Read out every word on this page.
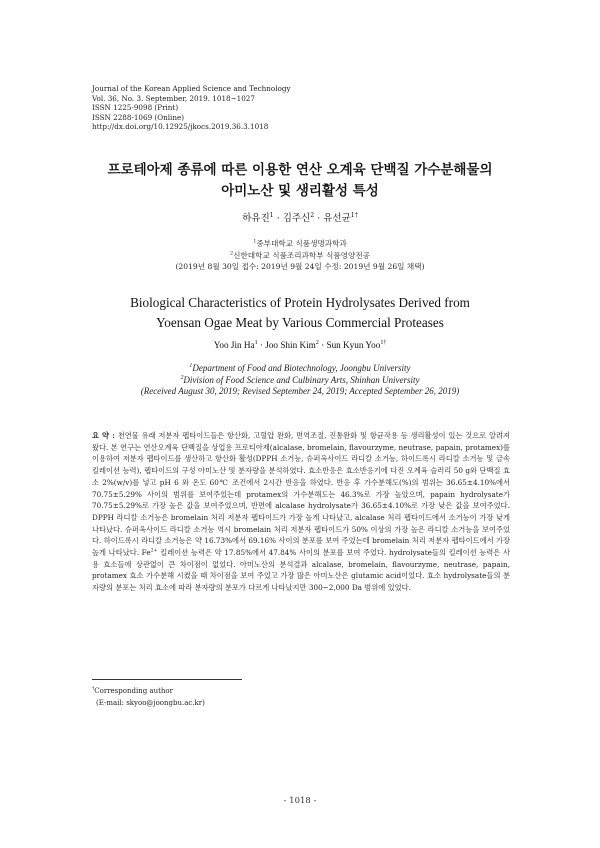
Journal of the Korean Applied Science and Technology
Vol. 36, No. 3. September, 2019. 1018~1027
ISSN 1225-9098 (Print)
ISSN 2288-1069 (Online)
http://dx.doi.org/10.12925/jkocs.2019.36.3.1018
프로테아제 종류에 따른 이용한 연산 오계육 단백질 가수분해물의
아미노산 및 생리활성 특성
하유진$^1$ · 김주신$^2$ · 유선균$^{1\dagger}$
$^1$중부대학교 식품생명과학과
$^2$신한대학교 식품조리과학부 식품영양전공
(2019년 8월 30일 접수: 2019년 9월 24일 수정: 2019년 9월 26일 채택)
Biological Characteristics of Protein Hydrolysates Derived from
Yoensan Ogae Meat by Various Commercial Proteases
Yoo Jin $Ha^1$ · Joo Shin Kim$^2$ · Sun Kyun Yoo$^{1\dagger}$
$^1$Department of Food and Biotechnology, Joongbu University
$^2$Division of Food Science and Culbinary Arts, Shinhan University
(Received August 30, 2019; Revised September 24, 2019; Accepted September 26, 2019)
요 약 : 천연물 유래 저분자 펩타이드들은 항산화, 고혈압 완화, 면역조절, 진통완화 및 항균작용 등 생리활성이 있는 것으로 알려져 왔다. 본 연구는 연산오계육 단백질을 상업용 프로티아제(alcalase, bromelain, flavourzyme, neutrase, papain, protamex)를 이용하여 저분자 펩타이드를 생산하고 항산화 활성(DPPH 소거능, 슈퍼옥사이드 라디칼 소거능, 하이드록시 라디칼 소거능 및 금속 킬레이션 능력), 펩타이드의 구성 아미노산 및 분자량을 분석하였다. 효소반응은 효소반응기에 다진 오계육 슬러리 50 g와 단백질 효소 2%(w/v)를 넣고 pH 6 와 온도 60℃ 조건에서 2시간 반응을 하였다. 반응 후 가수분해도(%)의 범위는 36.65±4.10%에서 70.75±5.29% 사이의 범위를 보여주었는데 protamex의 가수분해도는 46.3%로 가장 높았으며, papain hydrolysate가 70.75±5.29%로 가장 높은 값을 보여주었으며, 반면에 alcalase hydrolysate가 36.65±4.10%로 가장 낮은 값을 보여주었다. DPPH 라디칼 소거능은 bromelain 처리 저분자 펩타이드가 가장 높게 나타났고, alcalase 처리 펩타이드에서 소거능이 가장 낮게 나타났다. 슈퍼옥사이드 라디칼 소거능 역시 bromelain 처리 저분자 펩타이드가 50% 이상의 가장 높은 라디칼 소거능을 보여주었다. 하이드록시 라디칼 소거능은 약 16.73%에서 69.16% 사이의 분포를 보여 주었는데 bromelain 처리 저분자 펩타이드에서 가장 높게 나타났다. $Fe^{2+}$ 킬레이션 능력은 약 17.85%에서 47.84% 사이의 분포를 보여 주었다. hydrolysate들의 킬레이션 능력은 사용 효소들에 상관없이 큰 차이점이 없었다. 아미노산의 분석결과 alcalase, bromelain, flavourzyme, neutrase, papain, protamex 효소 가수분해 시켰을 때 차이점을 보여 주었고 가장 많은 아미노산은 glutamic acid이었다. 효소 hydrolysate들의 분자량의 분포는 처리 효소에 따라 분자량의 분포가 다르게 나타났지만 300~2,000 Da 범위에 있었다.
†Corresponding author
(E-mail: skyoo@joongbu.ac.kr)
- 1018 -
